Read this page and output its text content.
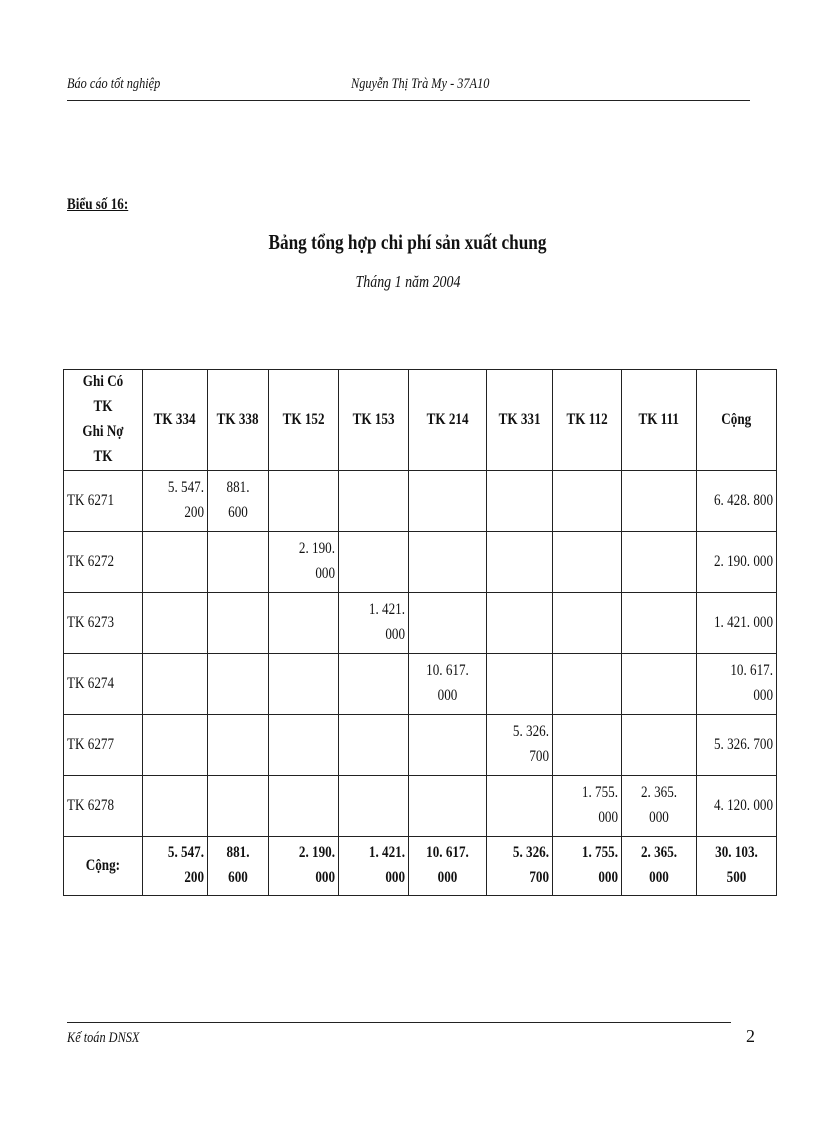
Báo cáo tốt nghiệp	Nguyễn Thị Trà My - 37A10
Biểu số 16:
Bảng tổng hợp chi phí sản xuất chung
Tháng 1 năm 2004
Ghi Có TK
Ghi Nợ TK	TK 334	TK 338	TK 152	TK 153	TK 214	TK 331	TK 112	TK 111	Cộng
TK 6271	5. 547. 200	881. 600							6. 428. 800
TK 6272			2. 190. 000						2. 190. 000
TK 6273				1. 421. 000					1. 421. 000
TK 6274					10. 617. 000				10. 617. 000
TK 6277						5. 326. 700			5. 326. 700
TK 6278							1. 755. 000	2. 365. 000	4. 120. 000
Cộng:	5. 547. 200	881. 600	2. 190. 000	1. 421. 000	10. 617. 000	5. 326. 700	1. 755. 000	2. 365. 000	30. 103. 500
Kế toán DNSX	2
